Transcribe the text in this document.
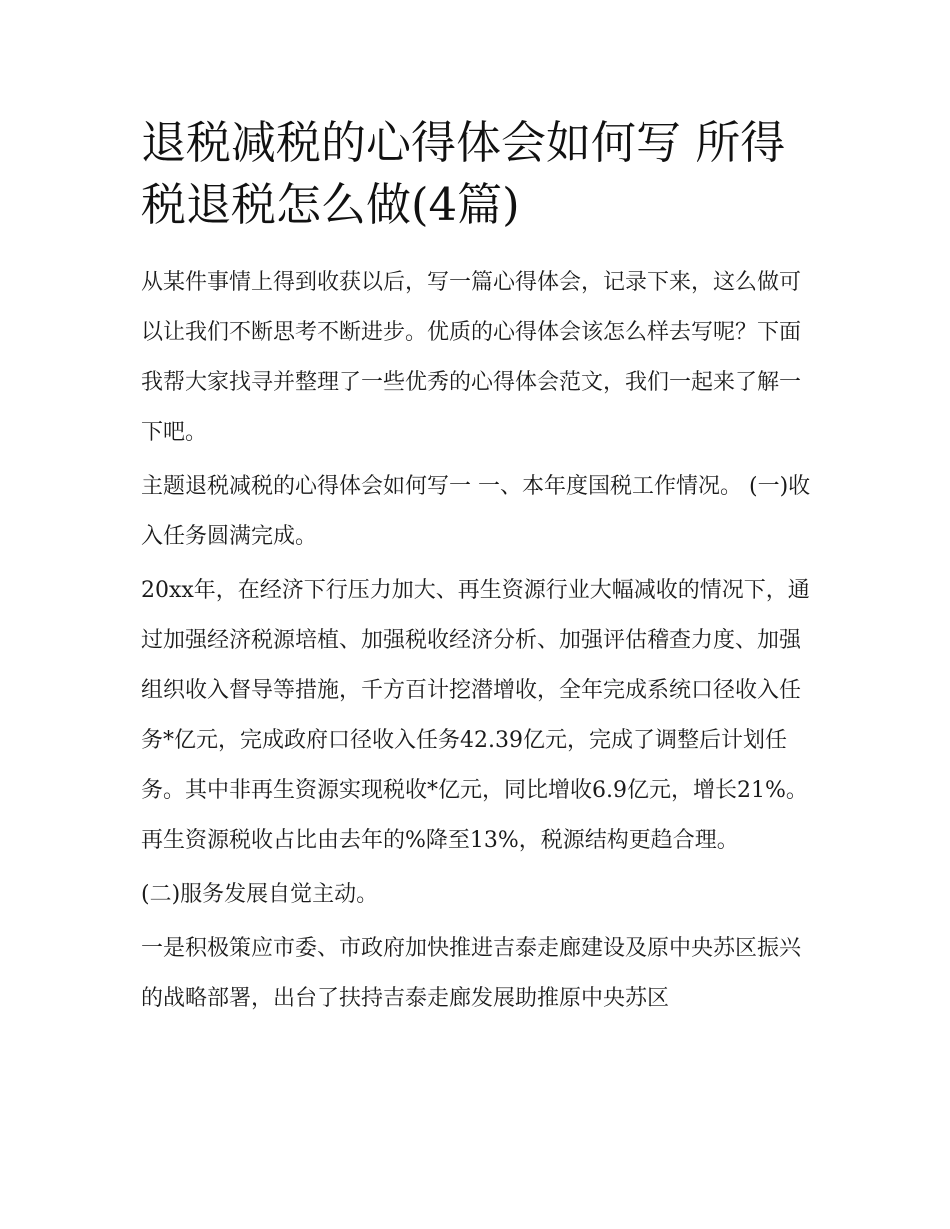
退税减税的心得体会如何写 所得税退税怎么做(4篇)

从某件事情上得到收获以后，写一篇心得体会，记录下来，这么做可以让我们不断思考不断进步。优质的心得体会该怎么样去写呢？下面我帮大家找寻并整理了一些优秀的心得体会范文，我们一起来了解一下吧。

主题退税减税的心得体会如何写一 一、本年度国税工作情况。 (一)收入任务圆满完成。

20xx年，在经济下行压力加大、再生资源行业大幅减收的情况下，通过加强经济税源培植、加强税收经济分析、加强评估稽查力度、加强组织收入督导等措施，千方百计挖潜增收，全年完成系统口径收入任务*亿元，完成政府口径收入任务42.39亿元，完成了调整后计划任务。其中非再生资源实现税收*亿元，同比增收6.9亿元，增长21%。再生资源税收占比由去年的%降至13%，税源结构更趋合理。

(二)服务发展自觉主动。

一是积极策应市委、市政府加快推进吉泰走廊建设及原中央苏区振兴的战略部署，出台了扶持吉泰走廊发展助推原中央苏区
